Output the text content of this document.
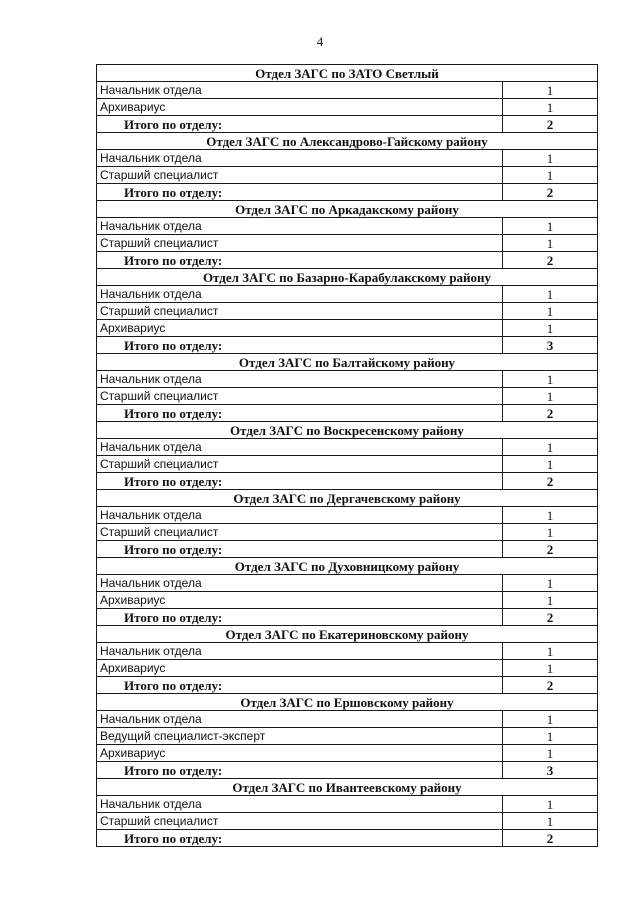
4
Отдел ЗАГС по ЗАТО Светлый	
Начальник отдела	1
Архивариус	1
Итого по отделу:	2
Отдел ЗАГС по Александрово-Гайскому району	
Начальник отдела	1
Старший специалист	1
Итого по отделу:	2
Отдел ЗАГС по Аркадакскому району	
Начальник отдела	1
Старший специалист	1
Итого по отделу:	2
Отдел ЗАГС по Базарно-Карабулакскому району	
Начальник отдела	1
Старший специалист	1
Архивариус	1
Итого по отделу:	3
Отдел ЗАГС по Балтайскому району	
Начальник отдела	1
Старший специалист	1
Итого по отделу:	2
Отдел ЗАГС по Воскресенскому району	
Начальник отдела	1
Старший специалист	1
Итого по отделу:	2
Отдел ЗАГС по Дергачевскому району	
Начальник отдела	1
Старший специалист	1
Итого по отделу:	2
Отдел ЗАГС по Духовницкому району	
Начальник отдела	1
Архивариус	1
Итого по отделу:	2
Отдел ЗАГС по Екатериновскому району	
Начальник отдела	1
Архивариус	1
Итого по отделу:	2
Отдел ЗАГС по Ершовскому району	
Начальник отдела	1
Ведущий специалист-эксперт	1
Архивариус	1
Итого по отделу:	3
Отдел ЗАГС по Ивантеевскому району	
Начальник отдела	1
Старший специалист	1
Итого по отделу:	2
